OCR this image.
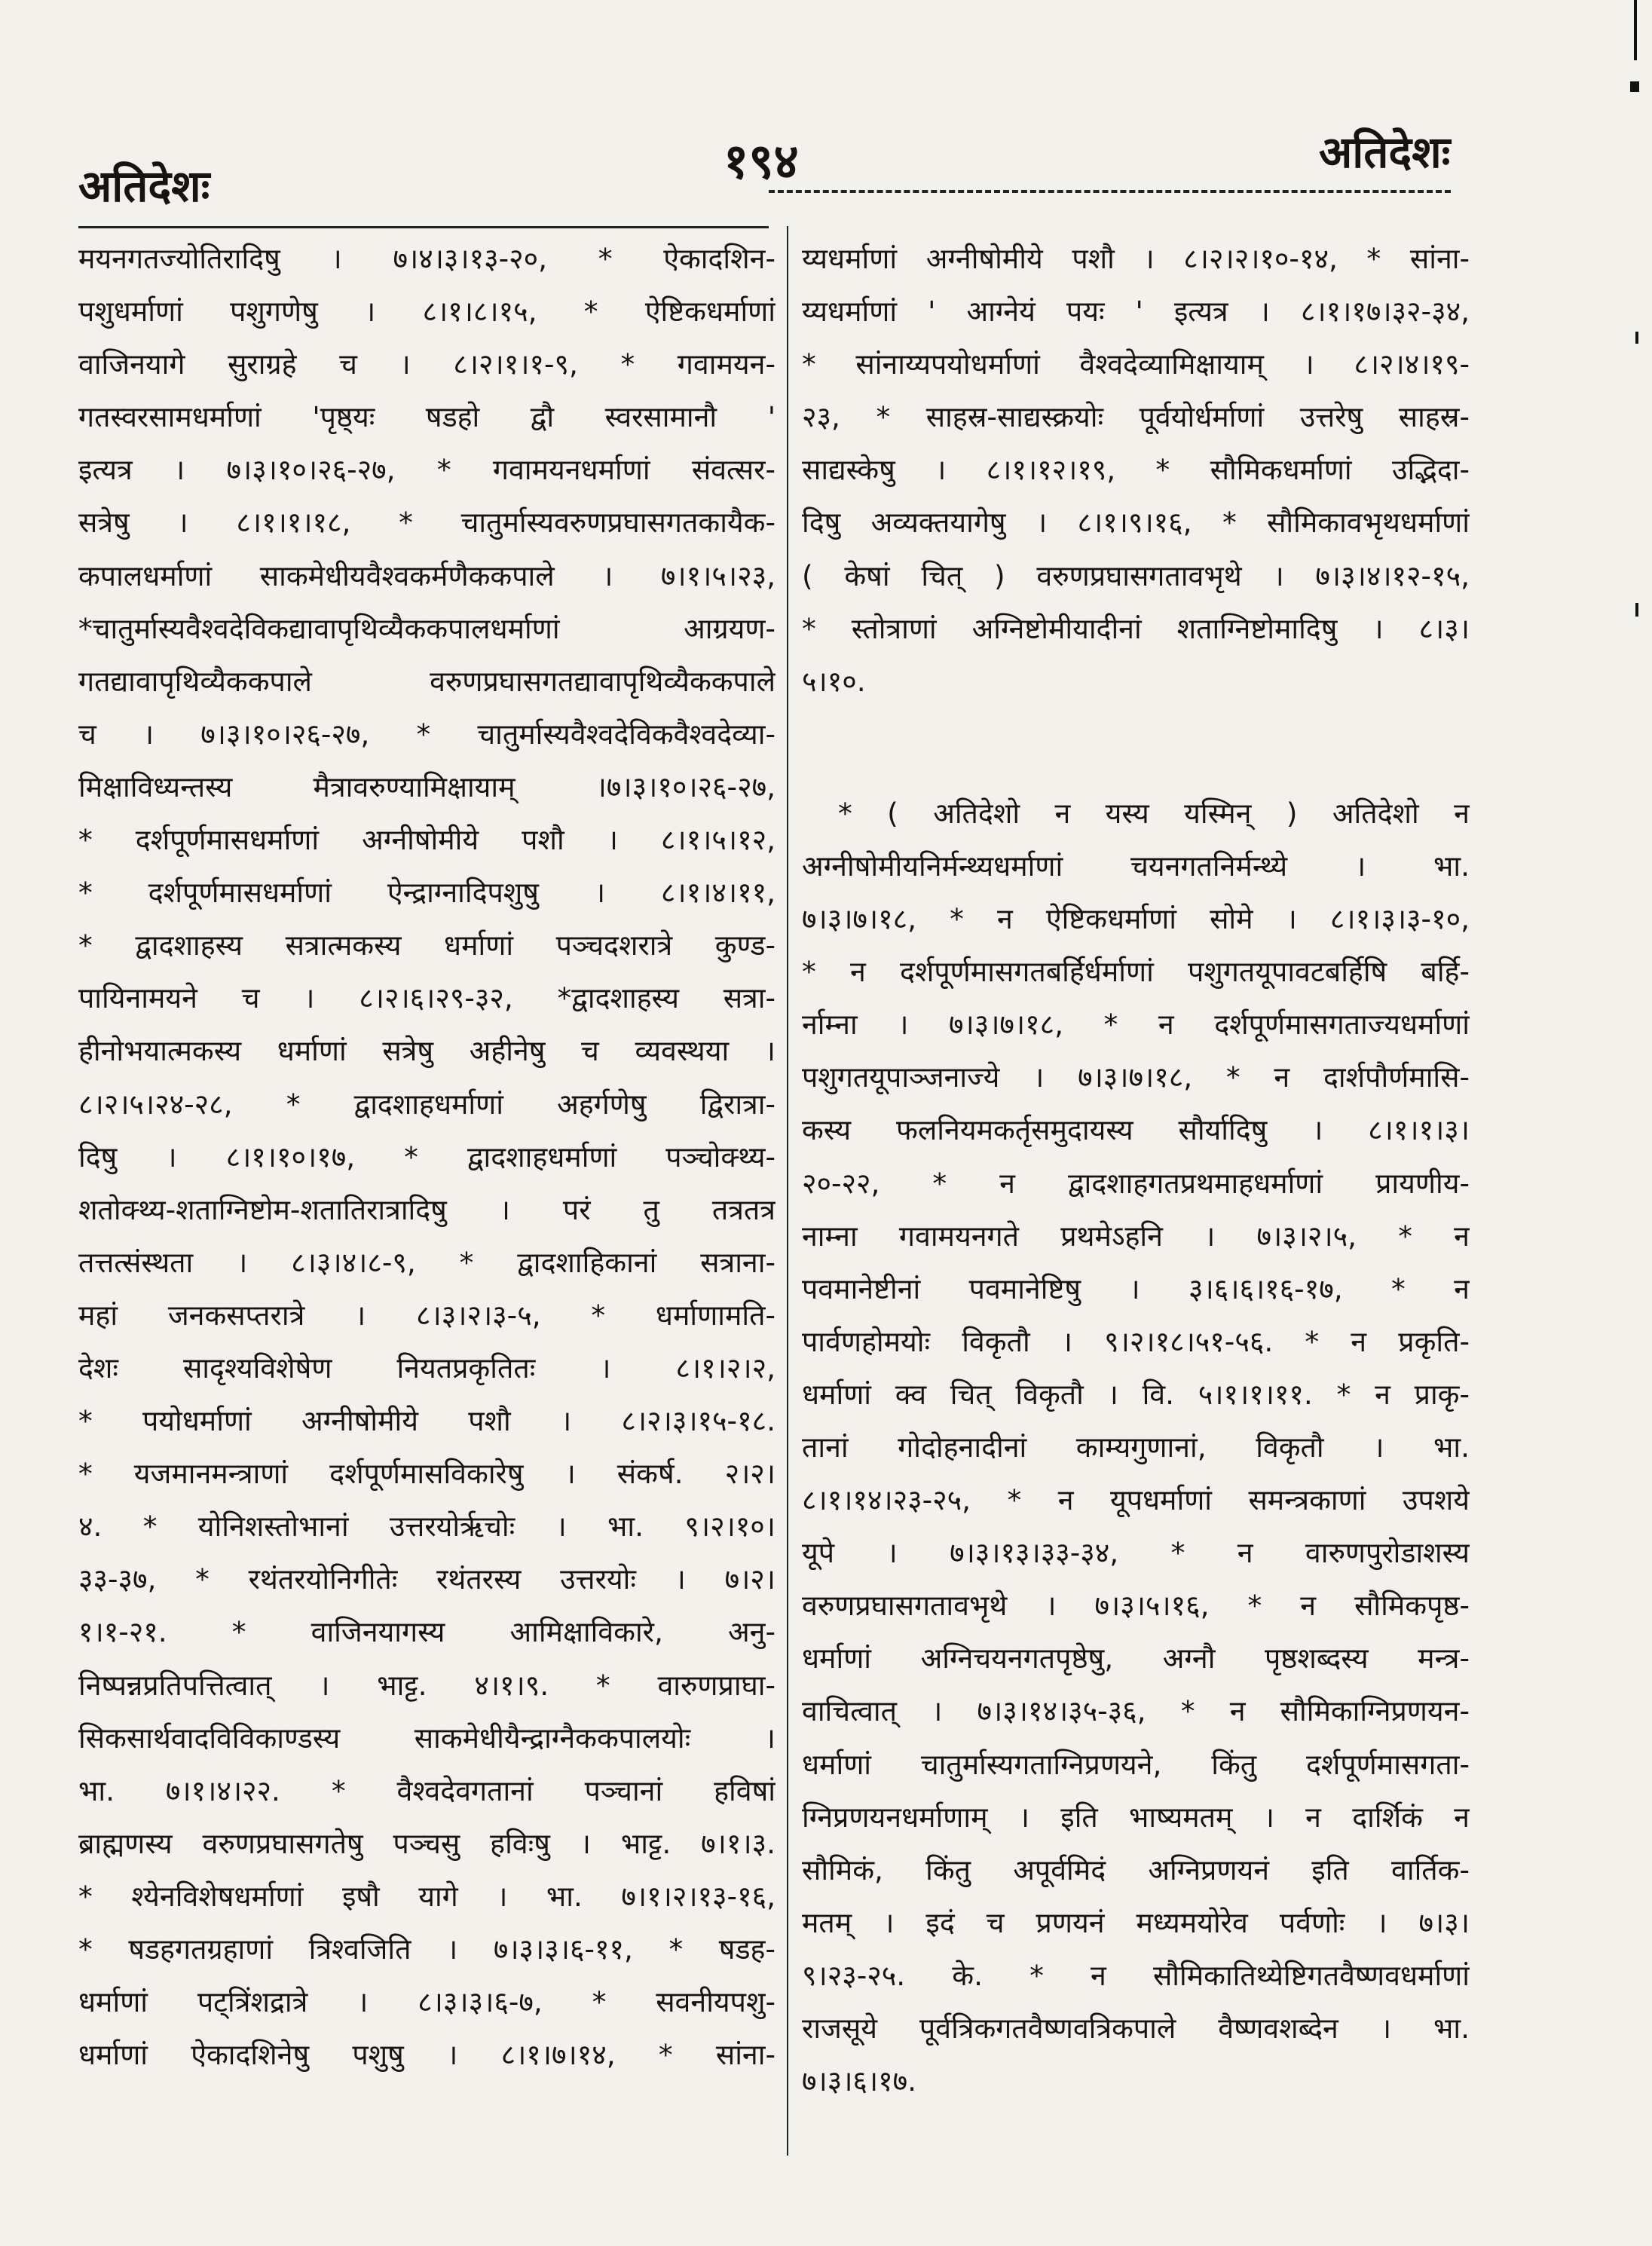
१९४
अतिदेशः
अतिदेशः
मयनगतज्योतिरादिषु । ७।४।३।१३-२०, * ऐकादशिन-
पशुधर्माणां पशुगणेषु । ८।१।८।१५, * ऐष्टिकधर्माणां
वाजिनयागे सुराग्रहे च । ८।२।१।१-९, * गवामयन-
गतस्वरसामधर्माणां 'पृष्ठ्यः षडहो द्वौ स्वरसामानौ '
इत्यत्र । ७।३।१०।२६-२७, * गवामयनधर्माणां संवत्सर-
सत्रेषु । ८।१।१।१८, * चातुर्मास्यवरुणप्रघासगतकायैक-
कपालधर्माणां साकमेधीयवैश्वकर्मणैककपाले । ७।१।५।२३,
*चातुर्मास्यवैश्वदेविकद्यावापृथिव्यैककपालधर्माणां आग्रयण-
गतद्यावापृथिव्यैककपाले वरुणप्रघासगतद्यावापृथिव्यैककपाले
च । ७।३।१०।२६-२७, * चातुर्मास्यवैश्वदेविकवैश्वदेव्या-
मिक्षाविध्यन्तस्य मैत्रावरुण्यामिक्षायाम् ।७।३।१०।२६-२७,
* दर्शपूर्णमासधर्माणां अग्नीषोमीये पशौ । ८।१।५।१२,
* दर्शपूर्णमासधर्माणां ऐन्द्राग्नादिपशुषु । ८।१।४।११,
* द्वादशाहस्य सत्रात्मकस्य धर्माणां पञ्चदशरात्रे कुण्ड-
पायिनामयने च । ८।२।६।२९-३२, *द्वादशाहस्य सत्रा-
हीनोभयात्मकस्य धर्माणां सत्रेषु अहीनेषु च व्यवस्थया ।
८।२।५।२४-२८, * द्वादशाहधर्माणां अहर्गणेषु द्विरात्रा-
दिषु । ८।१।१०।१७, * द्वादशाहधर्माणां पञ्चोक्थ्य-
शतोक्थ्य-शताग्निष्टोम-शतातिरात्रादिषु । परं तु तत्रतत्र
तत्तत्संस्थता । ८।३।४।८-९, * द्वादशाहिकानां सत्राना-
महां जनकसप्तरात्रे । ८।३।२।३-५, * धर्माणामति-
देशः सादृश्यविशेषेण नियतप्रकृतितः । ८।१।२।२,
* पयोधर्माणां अग्नीषोमीये पशौ । ८।२।३।१५-१८.
* यजमानमन्त्राणां दर्शपूर्णमासविकारेषु । संकर्ष. २।२।
४. * योनिशस्तोभानां उत्तरयोर्ऋचोः । भा. ९।२।१०।
३३-३७, * रथंतरयोनिगीतेः रथंतरस्य उत्तरयोः । ७।२।
१।१-२१. * वाजिनयागस्य आमिक्षाविकारे, अनु-
निष्पन्नप्रतिपत्तित्वात् । भाट्ट. ४।१।९. * वारुणप्राघा-
सिकसार्थवादविविकाण्डस्य साकमेधीयैन्द्राग्नैककपालयोः ।
भा. ७।१।४।२२. * वैश्वदेवगतानां पञ्चानां हविषां
ब्राह्मणस्य वरुणप्रघासगतेषु पञ्चसु हविःषु । भाट्ट. ७।१।३.
* श्येनविशेषधर्माणां इषौ यागे । भा. ७।१।२।१३-१६,
* षडहगतग्रहाणां त्रिश्वजिति । ७।३।३।६-११, * षडह-
धर्माणां पट्त्रिंशद्रात्रे । ८।३।३।६-७, * सवनीयपशु-
धर्माणां ऐकादशिनेषु पशुषु । ८।१।७।१४, * सांना-
य्यधर्माणां अग्नीषोमीये पशौ । ८।२।२।१०-१४, * सांना-
य्यधर्माणां ' आग्नेयं पयः ' इत्यत्र । ८।१।१७।३२-३४,
* सांनाय्यपयोधर्माणां वैश्वदेव्यामिक्षायाम् । ८।२।४।१९-
२३, * साहस्र-साद्यस्क्रयोः पूर्वयोर्धर्माणां उत्तरेषु साहस्र-
साद्यस्केषु । ८।१।१२।१९, * सौमिकधर्माणां उद्भिदा-
दिषु अव्यक्तयागेषु । ८।१।९।१६, * सौमिकावभृथधर्माणां
( केषां चित् ) वरुणप्रघासगतावभृथे । ७।३।४।१२-१५,
* स्तोत्राणां अग्निष्टोमीयादीनां शताग्निष्टोमादिषु । ८।३।
५।१०.
* ( अतिदेशो न यस्य यस्मिन् ) अतिदेशो न
अग्नीषोमीयनिर्मन्थ्यधर्माणां चयनगतनिर्मन्थ्ये । भा.
७।३।७।१८, * न ऐष्टिकधर्माणां सोमे । ८।१।३।३-१०,
* न दर्शपूर्णमासगतबर्हिर्धर्माणां पशुगतयूपावटबर्हिषि बर्हि-
र्नाम्ना । ७।३।७।१८, * न दर्शपूर्णमासगताज्यधर्माणां
पशुगतयूपाञ्जनाज्ये । ७।३।७।१८, * न दार्शपौर्णमासि-
कस्य फलनियमकर्तृसमुदायस्य सौर्यादिषु । ८।१।१।३।
२०-२२, * न द्वादशाहगतप्रथमाहधर्माणां प्रायणीय-
नाम्ना गवामयनगते प्रथमेऽहनि । ७।३।२।५, * न
पवमानेष्टीनां पवमानेष्टिषु । ३।६।६।१६-१७, * न
पार्वणहोमयोः विकृतौ । ९।२।१८।५१-५६. * न प्रकृति-
धर्माणां क्व चित् विकृतौ । वि. ५।१।१।११. * न प्राकृ-
तानां गोदोहनादीनां काम्यगुणानां, विकृतौ । भा.
८।१।१४।२३-२५, * न यूपधर्माणां समन्त्रकाणां उपशये
यूपे । ७।३।१३।३३-३४, * न वारुणपुरोडाशस्य
वरुणप्रघासगतावभृथे । ७।३।५।१६, * न सौमिकपृष्ठ-
धर्माणां अग्निचयनगतपृष्ठेषु, अग्नौ पृष्ठशब्दस्य मन्त्र-
वाचित्वात् । ७।३।१४।३५-३६, * न सौमिकाग्निप्रणयन-
धर्माणां चातुर्मास्यगताग्निप्रणयने, किंतु दर्शपूर्णमासगता-
ग्निप्रणयनधर्माणाम् । इति भाष्यमतम् । न दार्शिकं न
सौमिकं, किंतु अपूर्वमिदं अग्निप्रणयनं इति वार्तिक-
मतम् । इदं च प्रणयनं मध्यमयोरेव पर्वणोः । ७।३।
९।२३-२५. के. * न सौमिकातिथ्येष्टिगतवैष्णवधर्माणां
राजसूये पूर्वत्रिकगतवैष्णवत्रिकपाले वैष्णवशब्देन । भा.
७।३।६।१७.
